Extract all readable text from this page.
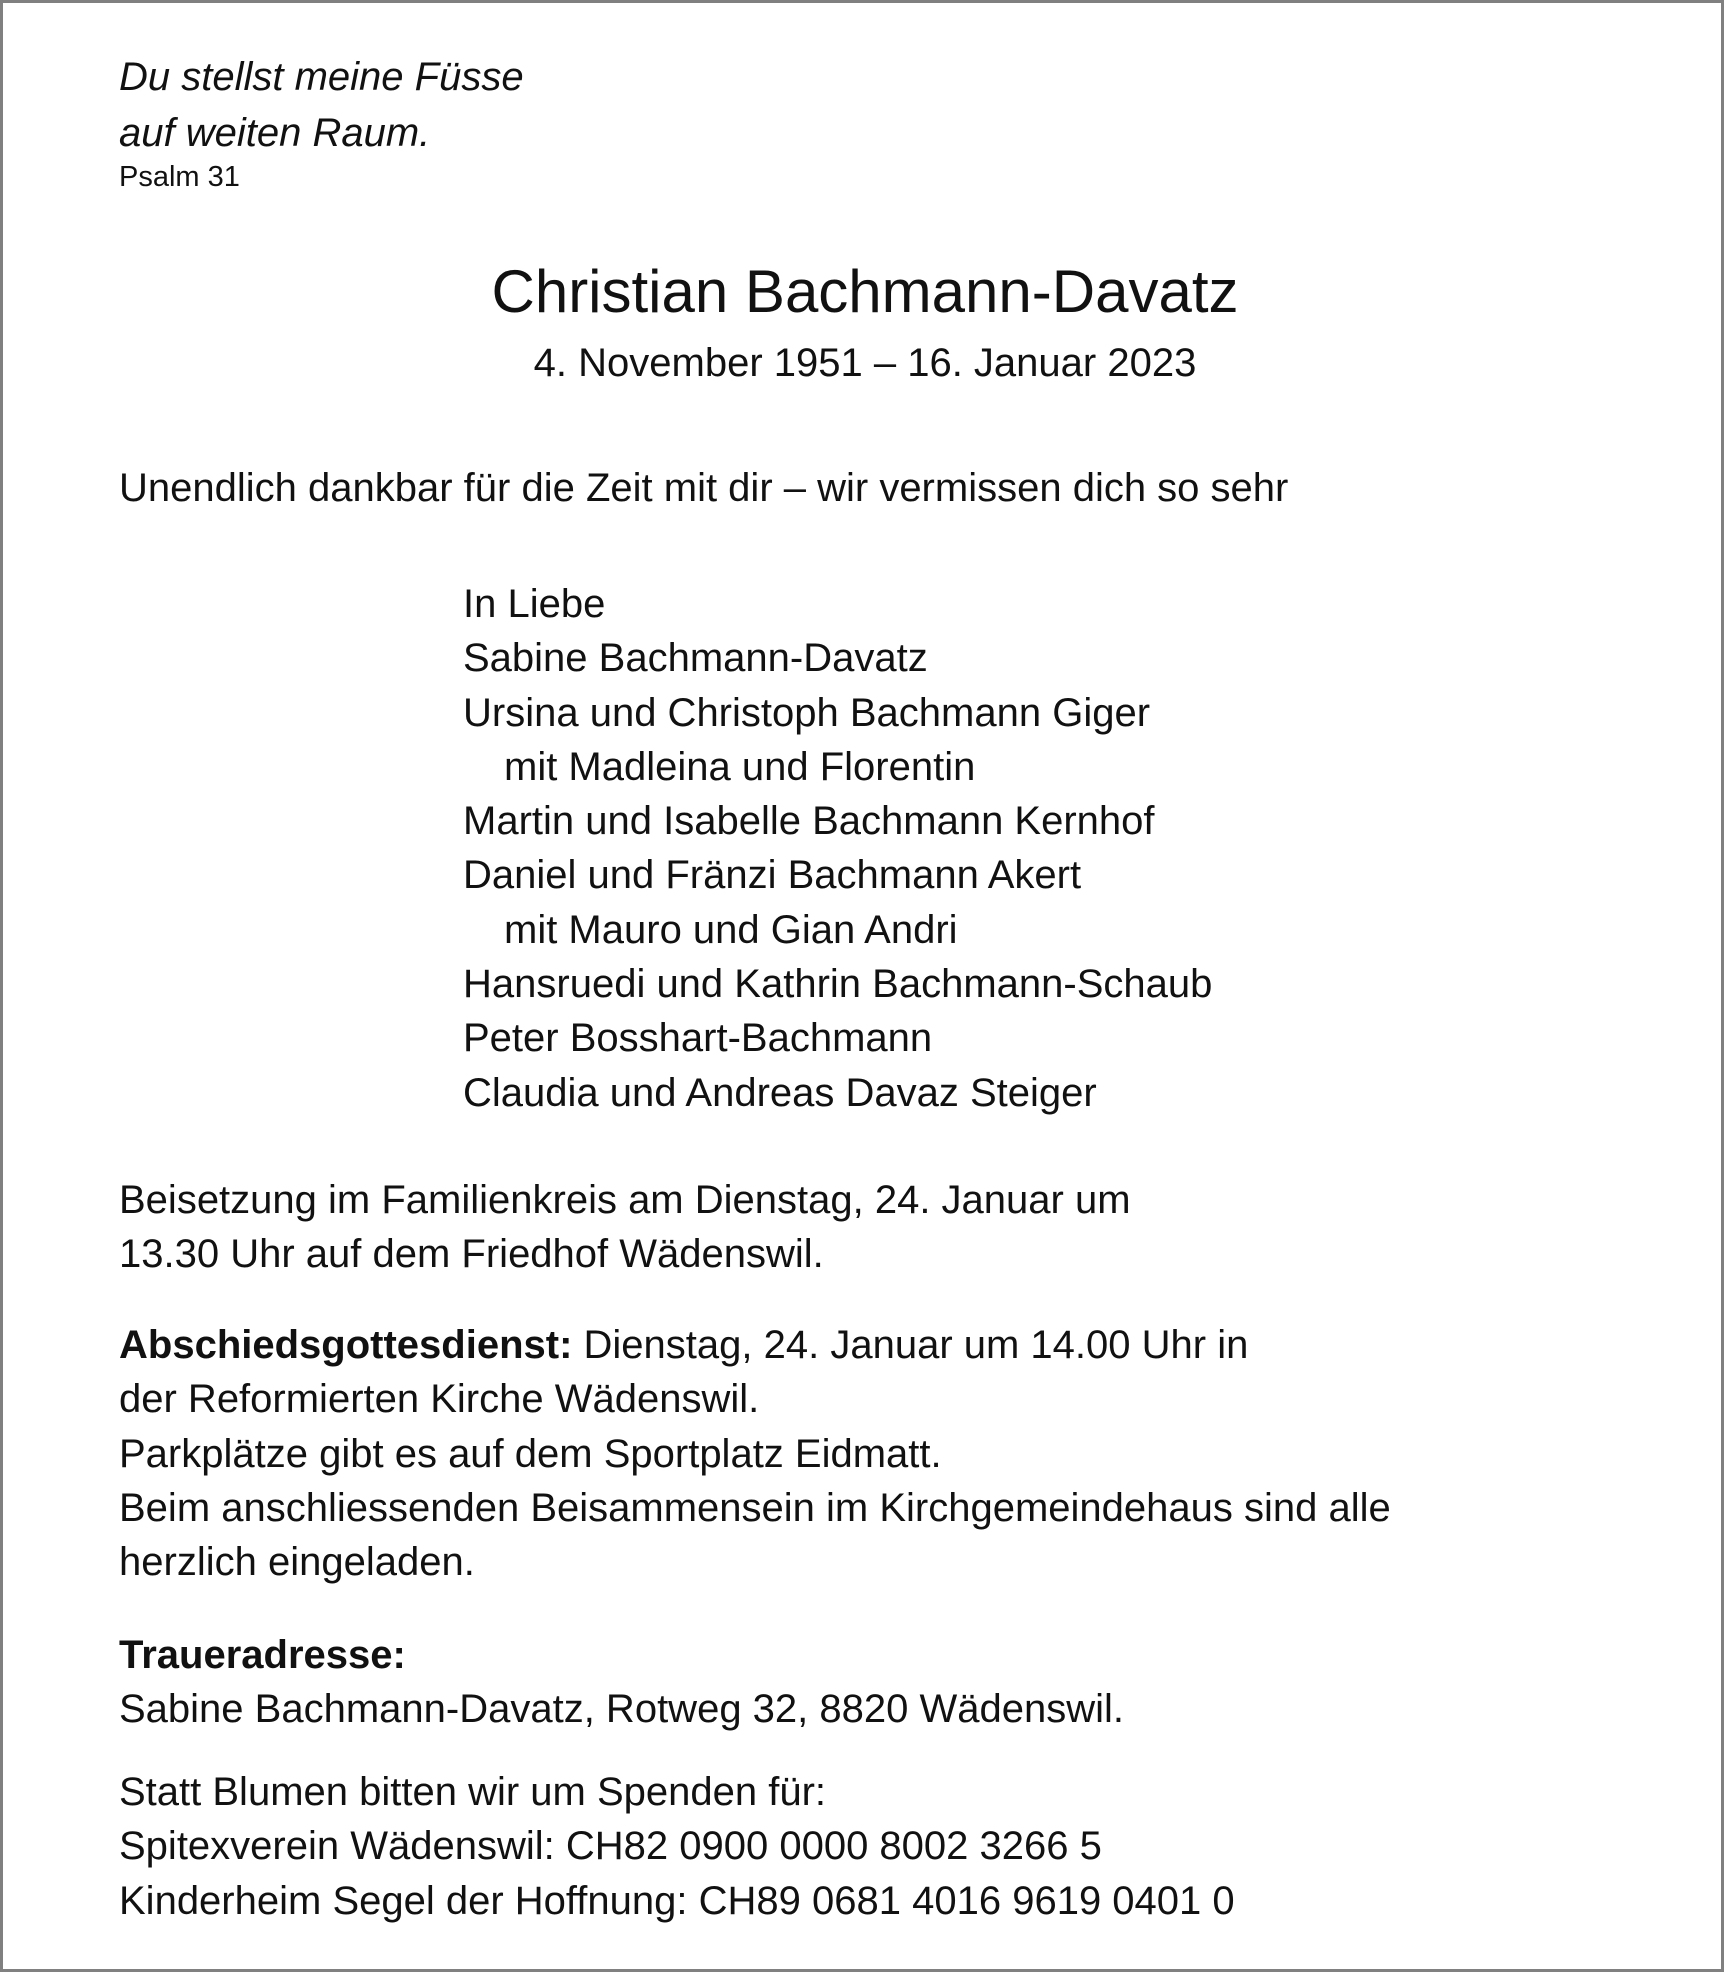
Du stellst meine Füsse

auf weiten Raum.

Psalm 31

Christian Bachmann-Davatz

4. November 1951 – 16. Januar 2023

Unendlich dankbar für die Zeit mit dir – wir vermissen dich so sehr

In Liebe
Sabine Bachmann-Davatz
Ursina und Christoph Bachmann Giger
mit Madleina und Florentin
Martin und Isabelle Bachmann Kernhof
Daniel und Fränzi Bachmann Akert
mit Mauro und Gian Andri
Hansruedi und Kathrin Bachmann-Schaub
Peter Bosshart-Bachmann
Claudia und Andreas Davaz Steiger
Beisetzung im Familienkreis am Dienstag, 24. Januar um
13.30 Uhr auf dem Friedhof Wädenswil.
Abschiedsgottesdienst: Dienstag, 24. Januar um 14.00 Uhr in
der Reformierten Kirche Wädenswil.
Parkplätze gibt es auf dem Sportplatz Eidmatt.
Beim anschliessenden Beisammensein im Kirchgemeindehaus sind alle
herzlich eingeladen.
Traueradresse:
Sabine Bachmann-Davatz, Rotweg 32, 8820 Wädenswil.
Statt Blumen bitten wir um Spenden für:
Spitexverein Wädenswil: CH82 0900 0000 8002 3266 5
Kinderheim Segel der Hoffnung: CH89 0681 4016 9619 0401 0
